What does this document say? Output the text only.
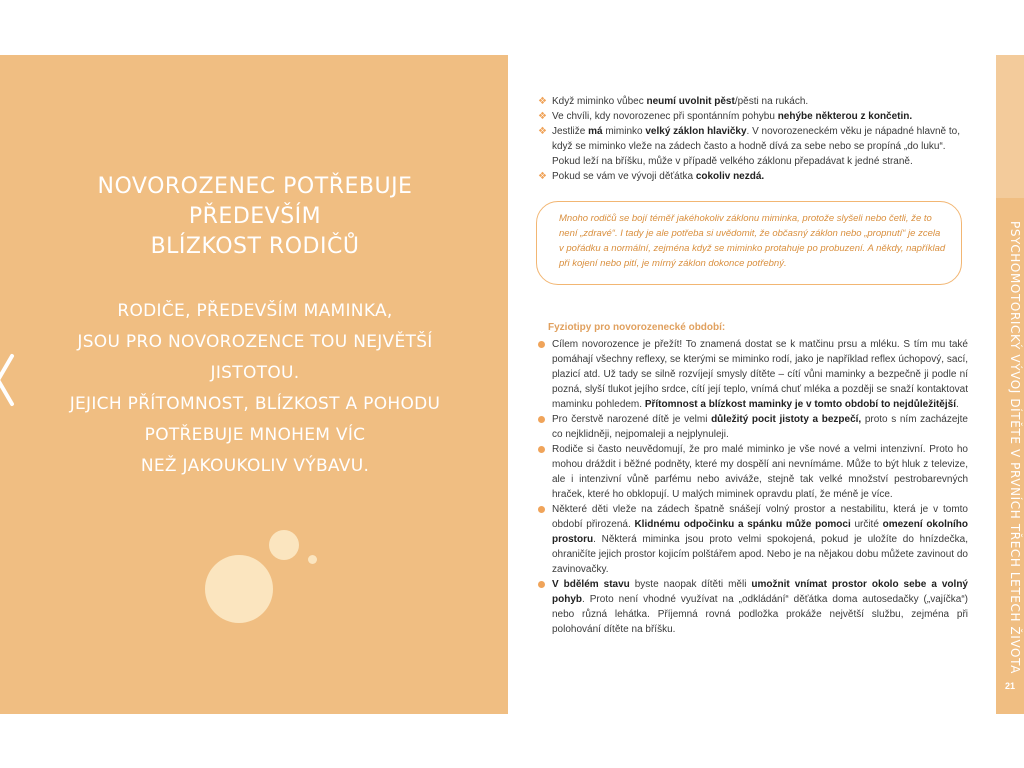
NOVOROZENEC POTŘEBUJE PŘEDEVŠÍM
BLÍZKOST RODIČŮ

RODIČE, PŘEDEVŠÍM MAMINKA,
JSOU PRO NOVOROZENCE TOU NEJVĚTŠÍ JISTOTOU.
JEJICH PŘÍTOMNOST, BLÍZKOST A POHODU
POTŘEBUJE MNOHEM VÍC
NEŽ JAKOUKOLIV VÝBAVU.	PSYCHOMOTORICKÝ VÝVOJ DÍTĚTE V PRVNÍCH TŘECH LETECH ŽIVOTA
21
❖ Když miminko vůbec neumí uvolnit pěst/pěsti na rukách.
❖ Ve chvíli, kdy novorozenec při spontánním pohybu nehýbe některou z končetin.
❖ Jestliže má miminko velký záklon hlavičky. V novorozeneckém věku je nápadné hlavně to, když se miminko vleže na zádech často a hodně dívá za sebe nebo se propíná „do luku“. Pokud leží na bříšku, může v případě velkého záklonu přepadávat k jedné straně.
❖ Pokud se vám ve vývoji děťátka cokoliv nezdá.

Mnoho rodičů se bojí téměř jakéhokoliv záklonu miminka, protože slyšeli nebo četli, že to není „zdravé“. I tady je ale potřeba si uvědomit, že občasný záklon nebo „propnutí“ je zcela v pořádku a normální, zejména když se miminko protahuje po probuzení. A někdy, například při kojení nebo pití, je mírný záklon dokonce potřebný.

Fyziotipy pro novorozenecké období:
Cílem novorozence je přežít! To znamená dostat se k matčinu prsu a mléku. S tím mu také pomáhají všechny reflexy, se kterými se miminko rodí, jako je například reflex úchopový, sací, plazicí atd. Už tady se silně rozvíjejí smysly dítěte – cítí vůni maminky a bezpečně ji podle ní pozná, slyší tlukot jejího srdce, cítí její teplo, vnímá chuť mléka a později se snaží kontaktovat maminku pohledem. Přítomnost a blízkost maminky je v tomto období to nejdůležitější.
Pro čerstvě narozené dítě je velmi důležitý pocit jistoty a bezpečí, proto s ním zacházejte co nejklidněji, nejpomaleji a nejplynuleji.
Rodiče si často neuvědomují, že pro malé miminko je vše nové a velmi intenzivní. Proto ho mohou dráždit i běžné podněty, které my dospělí ani nevnímáme. Může to být hluk z televize, ale i intenzivní vůně parfému nebo aviváže, stejně tak velké množství pestrobarevných hraček, které ho obklopují. U malých miminek opravdu platí, že méně je více.
Některé děti vleže na zádech špatně snášejí volný prostor a nestabilitu, která je v tomto období přirozená. Klidnému odpočinku a spánku může pomoci určité omezení okolního prostoru. Některá miminka jsou proto velmi spokojená, pokud je uložíte do hnízdečka, ohraničíte jejich prostor kojicím polštářem apod. Nebo je na nějakou dobu můžete zavinout do zavinovačky.
V bdělém stavu byste naopak dítěti měli umožnit vnímat prostor okolo sebe a volný pohyb. Proto není vhodné využívat na „odkládání“ děťátka doma autosedačky („vajíčka“) nebo různá lehátka. Příjemná rovná podložka prokáže největší službu, zejména při polohování dítěte na bříšku.
